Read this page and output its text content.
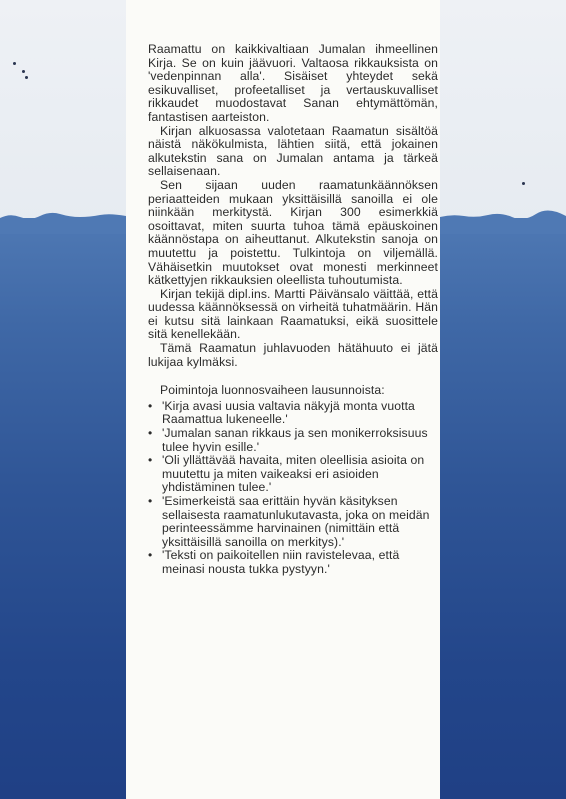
Raamattu on kaikkivaltiaan Jumalan ihmeellinen Kirja. Se on kuin jäävuori. Valtaosa rikkauksista on 'vedenpinnan alla'. Sisäiset yhteydet sekä esikuvalliset, profeetalliset ja vertauskuvalliset rikkaudet muodostavat Sanan ehtymättömän, fantastisen aarteiston.

Kirjan alkuosassa valotetaan Raamatun sisältöä näistä näkökulmista, lähtien siitä, että jokainen alkutekstin sana on Jumalan antama ja tärkeä sellaisenaan.

Sen sijaan uuden raamatunkäännöksen periaatteiden mukaan yksittäisillä sanoilla ei ole niinkään merkitystä. Kirjan 300 esimerkkiä osoittavat, miten suurta tuhoa tämä epäuskoinen käännöstapa on aiheuttanut. Alkutekstin sanoja on muutettu ja poistettu. Tulkintoja on viljemällä. Vähäisetkin muutokset ovat monesti merkinneet kätkettyjen rikkauksien oleellista tuhoutumista.

Kirjan tekijä dipl.ins. Martti Päivänsalo väittää, että uudessa käännöksessä on virheitä tuhatmäärin. Hän ei kutsu sitä lainkaan Raamatuksi, eikä suosittele sitä kenellekään.

Tämä Raamatun juhlavuoden hätähuuto ei jätä lukijaa kylmäksi.

Poimintoja luonnosvaiheen lausunnoista:

• 'Kirja avasi uusia valtavia näkyjä monta vuotta Raamattua lukeneelle.'
• 'Jumalan sanan rikkaus ja sen monikerroksisuus tulee hyvin esille.'
• 'Oli yllättävää havaita, miten oleellisia asioita on muutettu ja miten vaikeaksi eri asioiden yhdistäminen tulee.'
• 'Esimerkeistä saa erittäin hyvän käsityksen sellaisesta raamatunlukutavasta, joka on meidän perinteessämme harvinainen (nimittäin että yksittäisillä sanoilla on merkitys).'
• 'Teksti on paikoitellen niin ravistelevaa, että meinasi nousta tukka pystyyn.'
